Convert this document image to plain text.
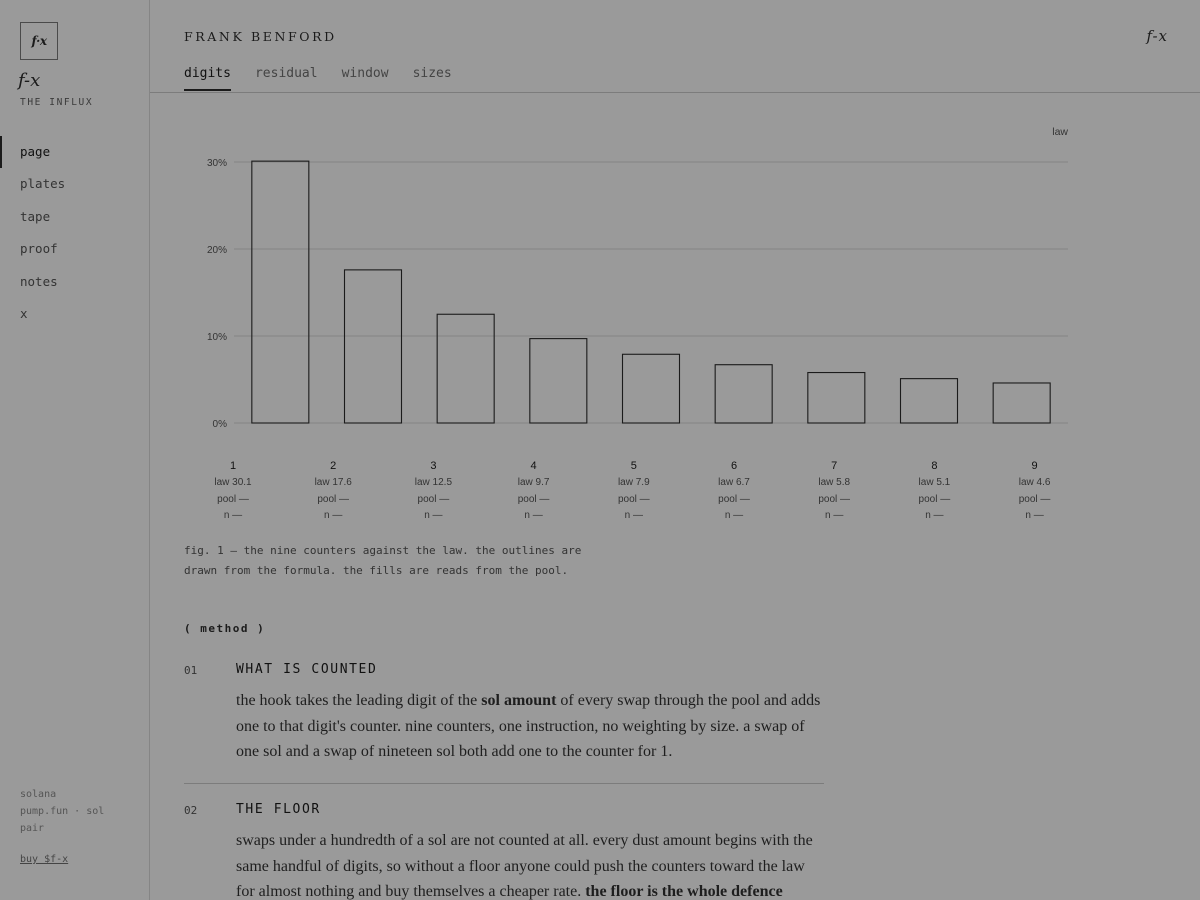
f·x
f-x
THE INFLUX
page
plates
tape
proof
notes
x
solana
pump.fun · sol
pair
buy $f-x
FRANK BENFORD	f-x
digits residual window sizes
0%
10%
20%
30%
law
1
law 30.1
pool —
n —
2
law 17.6
pool —
n —
3
law 12.5
pool —
n —
4
law 9.7
pool —
n —
5
law 7.9
pool —
n —
6
law 6.7
pool —
n —
7
law 5.8
pool —
n —
8
law 5.1
pool —
n —
9
law 4.6
pool —
n —
fig. 1 — the nine counters against the law. the outlines are
drawn from the formula. the fills are reads from the pool.
( method )
01	WHAT IS COUNTED

the hook takes the leading digit of the sol amount of every swap through the pool and adds one to that digit's counter. nine counters, one instruction, no weighting by size. a swap of one sol and a swap of nineteen sol both add one to the counter for 1.

02	THE FLOOR

swaps under a hundredth of a sol are not counted at all. every dust amount begins with the same handful of digits, so without a floor anyone could push the counters toward the law for almost nothing and buy themselves a cheaper rate. the floor is the whole defence
